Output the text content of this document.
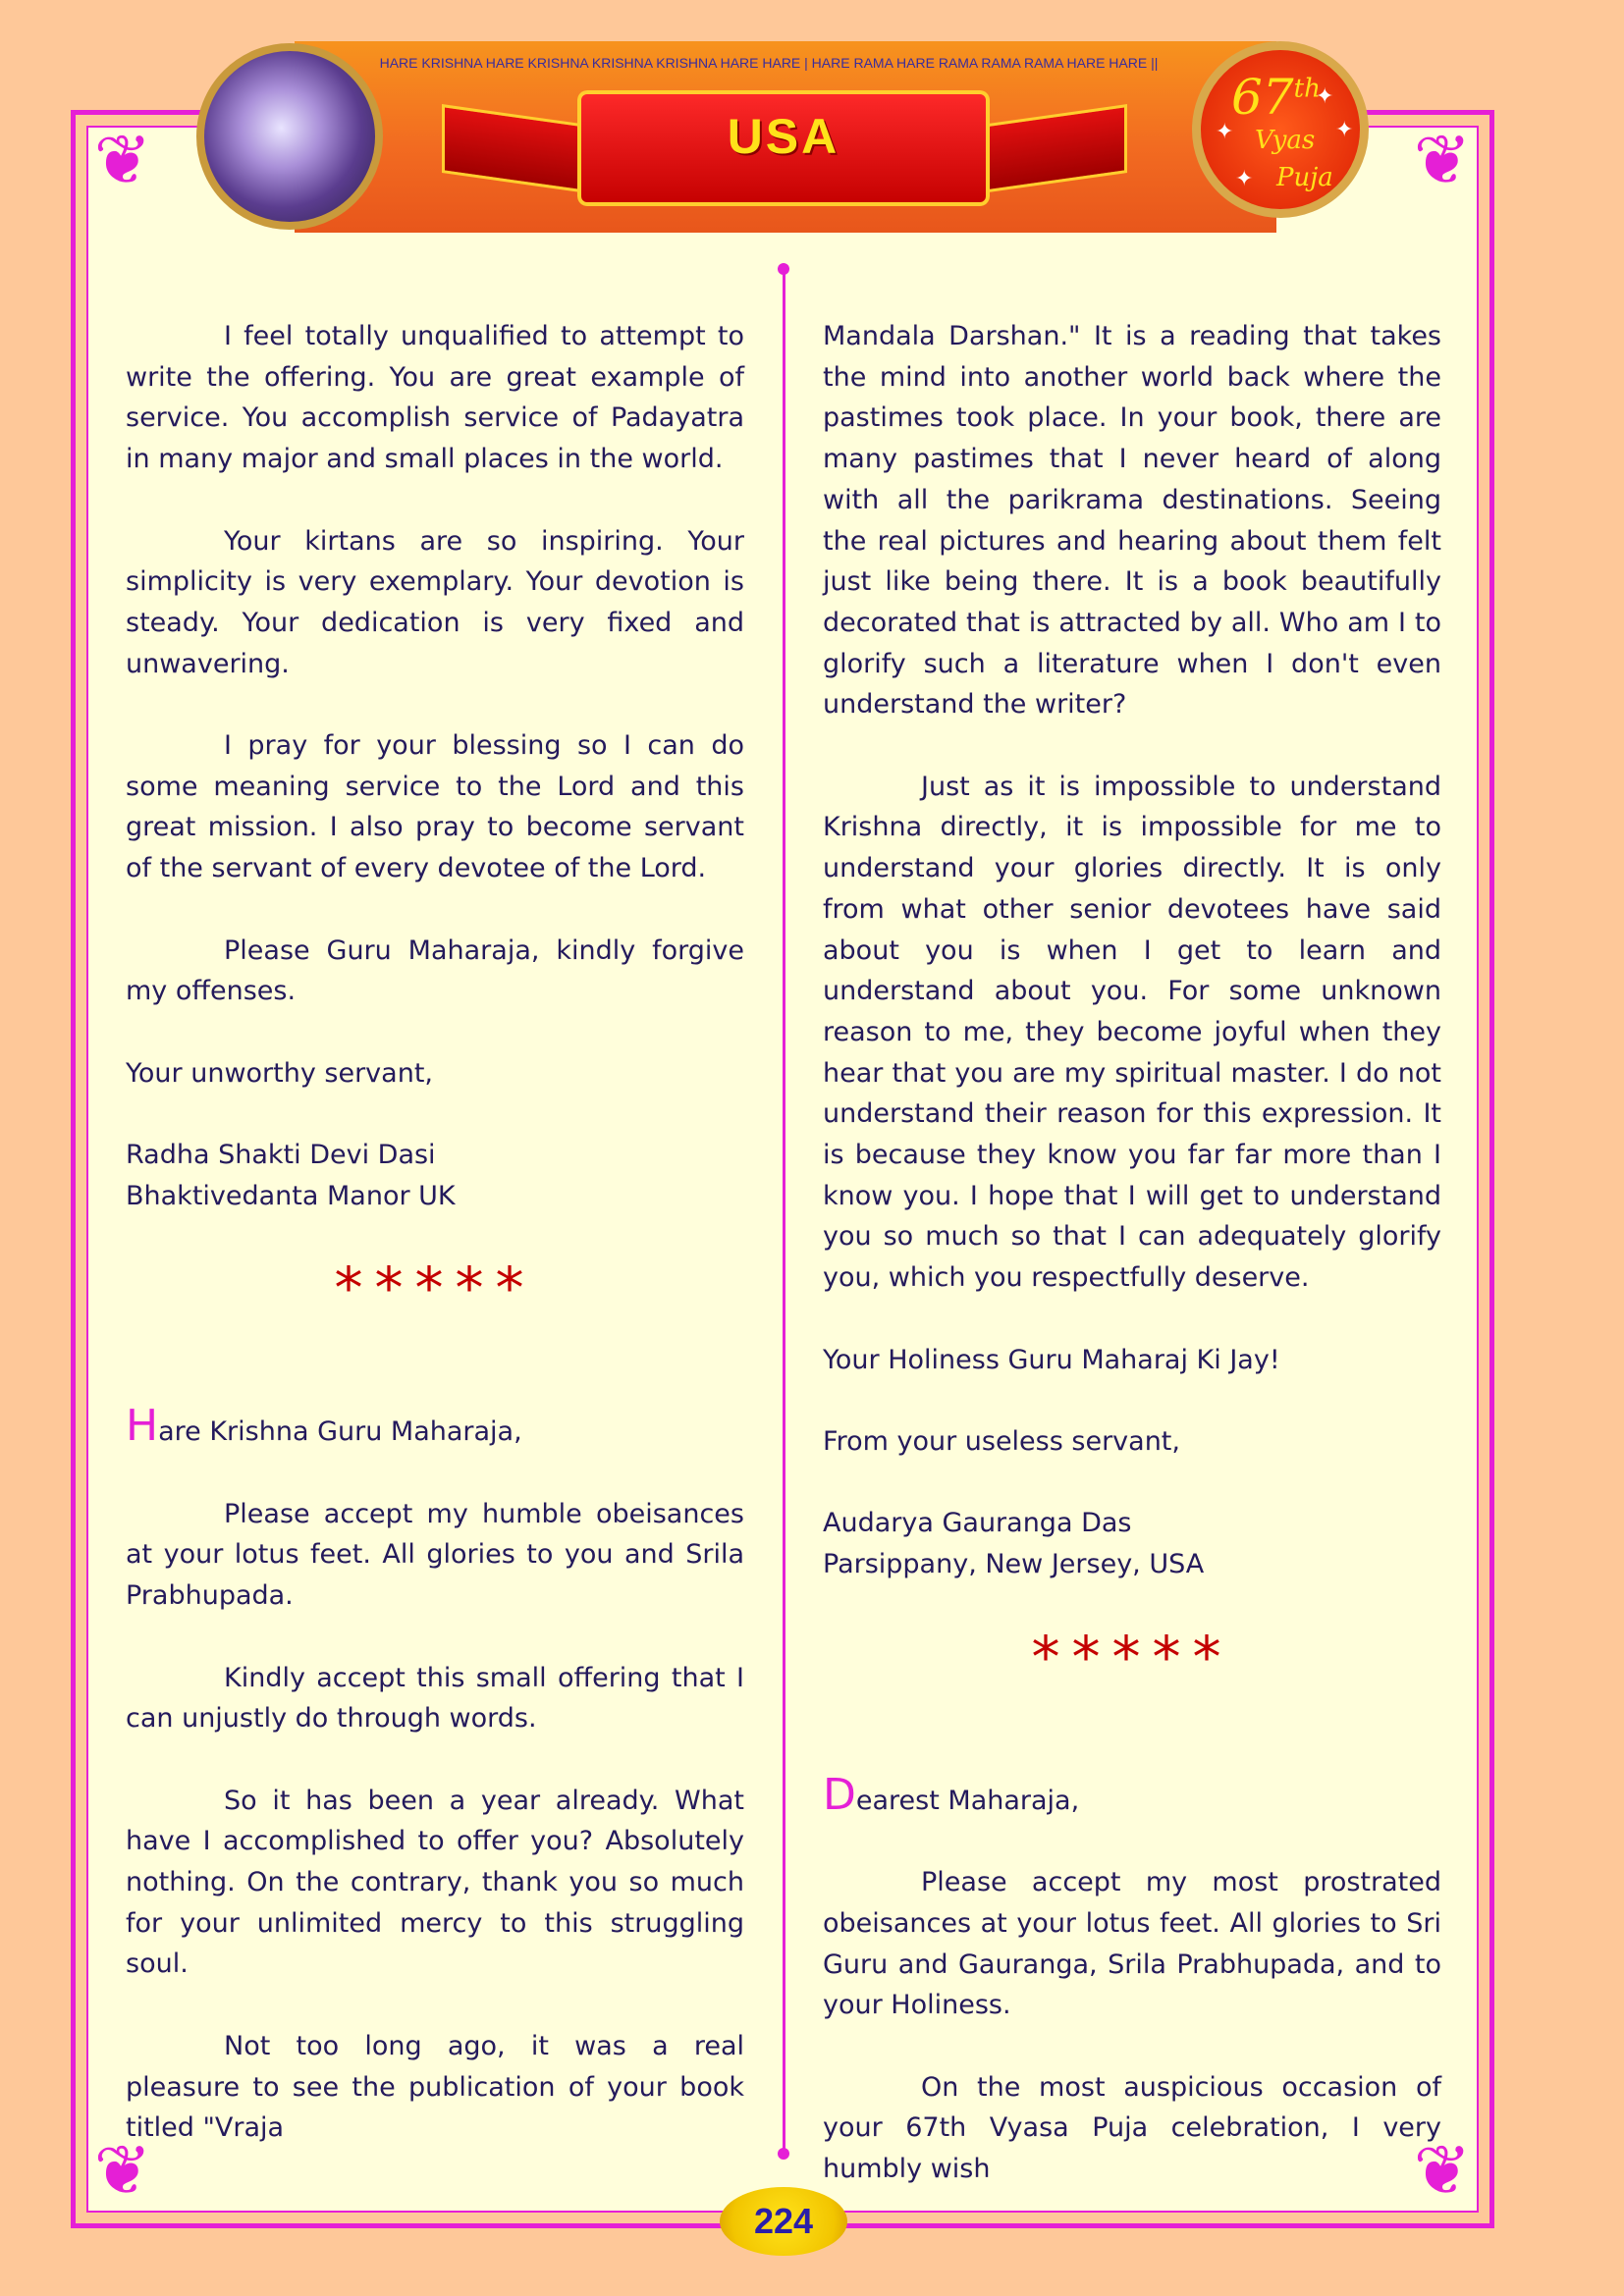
❦	❦
❦	❦
HARE KRISHNA HARE KRISHNA KRISHNA KRISHNA HARE HARE | HARE RAMA HARE RAMA RAMA RAMA HARE HARE ||
USA
67th
Vyas
Puja
✦
✦
✦
✦

I feel totally unqualified to attempt to write the offering. You are great example of service. You accomplish service of Padayatra in many major and small places in the world.

Your kirtans are so inspiring. Your simplicity is very exemplary. Your devotion is steady. Your dedication is very fixed and unwavering.

I pray for your blessing so I can do some meaning service to the Lord and this great mission. I also pray to become servant of the servant of every devotee of the Lord.

Please Guru Maharaja, kindly forgive my offenses.

Your unworthy servant,

Radha Shakti Devi Dasi

Bhaktivedanta Manor UK

*****

Hare Krishna Guru Maharaja,

Please accept my humble obeisances at your lotus feet. All glories to you and Srila Prabhupada.

Kindly accept this small offering that I can unjustly do through words.

So it has been a year already. What have I accomplished to offer you? Absolutely nothing. On the contrary, thank you so much for your unlimited mercy to this struggling soul.

Not too long ago, it was a real pleasure to see the publication of your book titled "Vraja

Mandala Darshan." It is a reading that takes the mind into another world back where the pastimes took place. In your book, there are many pastimes that I never heard of along with all the parikrama destinations. Seeing the real pictures and hearing about them felt just like being there. It is a book beautifully decorated that is attracted by all. Who am I to glorify such a literature when I don't even understand the writer?

Just as it is impossible to understand Krishna directly, it is impossible for me to understand your glories directly. It is only from what other senior devotees have said about you is when I get to learn and understand about you. For some unknown reason to me, they become joyful when they hear that you are my spiritual master. I do not understand their reason for this expression. It is because they know you far far more than I know you. I hope that I will get to understand you so much so that I can adequately glorify you, which you respectfully deserve.

Your Holiness Guru Maharaj Ki Jay!

From your useless servant,

Audarya Gauranga Das

Parsippany, New Jersey, USA

*****

Dearest Maharaja,

Please accept my most prostrated obeisances at your lotus feet. All glories to Sri Guru and Gauranga, Srila Prabhupada, and to your Holiness.

On the most auspicious occasion of your 67th Vyasa Puja celebration, I very humbly wish

224
